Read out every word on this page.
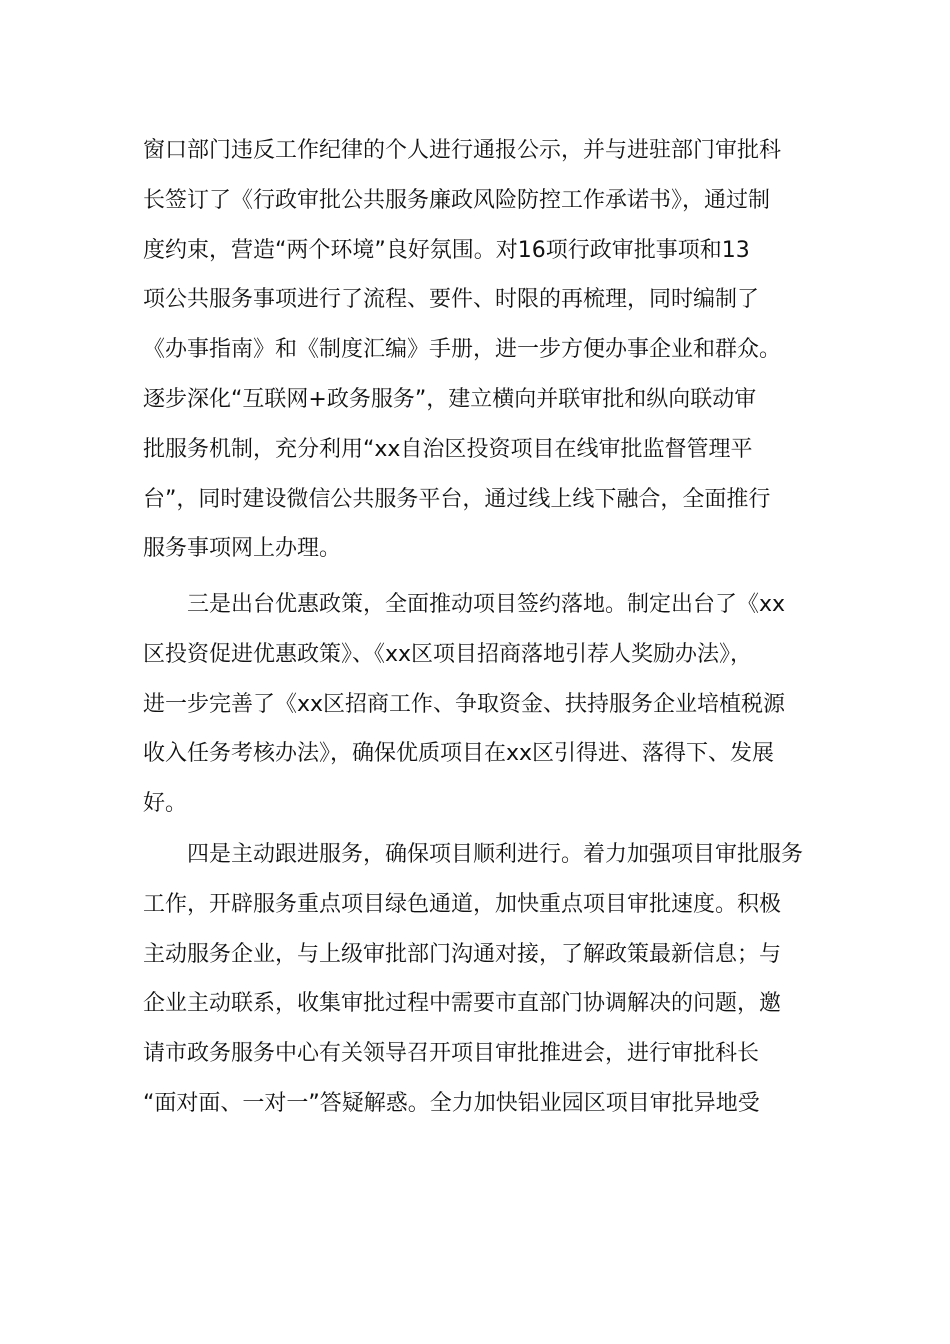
窗口部门违反工作纪律的个人进行通报公示，并与进驻部门审批科
长签订了《行政审批公共服务廉政风险防控工作承诺书》，通过制
度约束，营造“两个环境”良好氛围。对16项行政审批事项和13
项公共服务事项进行了流程、要件、时限的再梳理，同时编制了
《办事指南》和《制度汇编》手册，进一步方便办事企业和群众。
逐步深化“互联网+政务服务”，建立横向并联审批和纵向联动审
批服务机制，充分利用“xx自治区投资项目在线审批监督管理平
台”，同时建设微信公共服务平台，通过线上线下融合，全面推行
服务事项网上办理。
　　三是出台优惠政策，全面推动项目签约落地。制定出台了《xx
区投资促进优惠政策》、《xx区项目招商落地引荐人奖励办法》，
进一步完善了《xx区招商工作、争取资金、扶持服务企业培植税源
收入任务考核办法》，确保优质项目在xx区引得进、落得下、发展
好。
　　四是主动跟进服务，确保项目顺利进行。着力加强项目审批服务
工作，开辟服务重点项目绿色通道，加快重点项目审批速度。积极
主动服务企业，与上级审批部门沟通对接，了解政策最新信息；与
企业主动联系，收集审批过程中需要市直部门协调解决的问题，邀
请市政务服务中心有关领导召开项目审批推进会，进行审批科长
“面对面、一对一”答疑解惑。全力加快铝业园区项目审批异地受
